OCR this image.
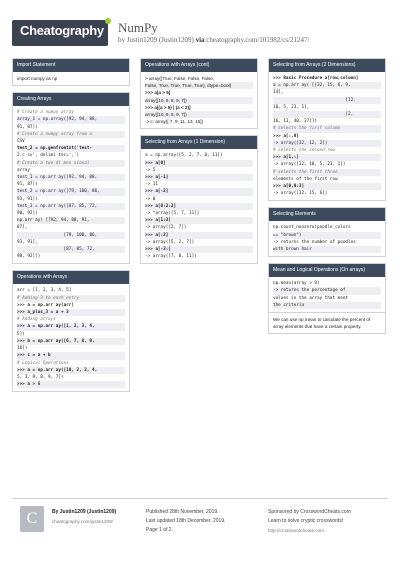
Cheatography NumPy
by Justin1209 (Justin1209) via cheatography.com/101982/cs/21247/
Import Statement
import numpy as np
Creating Arrays
# Create a numpy array
array_1 = np.array([92, 94, 88,
91, 87])
# Create a numpy array from a
CSV
test_2 = np.genfromtxt('test-
2.c sv', delimi ter=',')
# Create a two-di men sional
array
test_1 = np.arr ay([92, 94, 88,
91, 87])
test_2 = np.arr ay([79, 100, 86,
93, 91])
test_3 = np.arr ay([87, 85, 72,
90, 92])
np.arr ay( [[92, 94, 88, 91,
87],
[79, 100, 86,
93, 91],
[87, 85, 72,
90, 92]])
Operations with Arrays
arr = [1, 2, 3, 4, 5]
# Adding 3 to each entry
>>> a = np.arr ay(arr)
>>> a_plus_3 = a + 3
# Adding arrays
>>> a = np.arr ay([1, 2, 3, 4,
5])
>>> b = np.arr ay([6, 7, 8, 9,
10])
>>> c = a + b
# Logical Operations
>>> a = np.arr ay([10, 2, 2, 4,
5, 3, 9, 8, 9, 7])
>>> a > 5
Operations with Arrays (cont)
> array([True, False, False, False,
False, True, True, True, True], dtype=bool)
>>> a[a > 5]
array([10, 9, 8, 9, 7])
>>> a[(a > 5) | (a < 2)]
array([10, 9, 8, 9, 7])
-> c: array([ 7, 9, 11, 13, 15])
Selecting from Arrays (1 Dimension)
a = np.array([5, 2, 7, 0, 11])
>>> a[0]
-> 5
>>> a[-1]
-> 11
>>> a[-2]
-> 0
>>> a[0:2:2]
-> *array([5, 7, 11])
>>> a[1:3]
-> array([2, 7])
>>> a[:3]
-> array([5, 2, 7])
>>> a[-3:]
-> array([7, 0, 11])
Selecting from Arrays (2 Dimensions)
>>> Basic Procedure a[row,column]
a = np.arr ay( [[32, 15, 6, 9,
14],
[12,
10, 5, 23, 1],
[2,
16, 13, 40, 37]])
# selects the first column
>>> a[:,0]
-> array([32, 12, 2])
# selects the second row
>>> a[1,:]
-> array([12, 10, 5, 23, 1])
# selects the first three
elements of the first row
>>> a[0,0:3]
-> array([32, 15, 6])
Selecting Elements
np.count_nonzero(poodle_colors
== "brown")
-> returns the number of poodles
with brown hair
Mean and Logical Operations (On arrays)
np.mean(array > 8)
-> returns the percentage of
values in the array that meet
the criteria
We can use np.mean to calculate the percent of array elements that have a certain property.
C	By Justin1209 (Justin1209)
cheatography.com/justin1209/
Published 28th November, 2019.
Last updated 18th December, 2019.
Page 1 of 2.
Sponsored by CrosswordCheats.com
Learn to solve cryptic crosswords!
http://crosswordcheats.com
